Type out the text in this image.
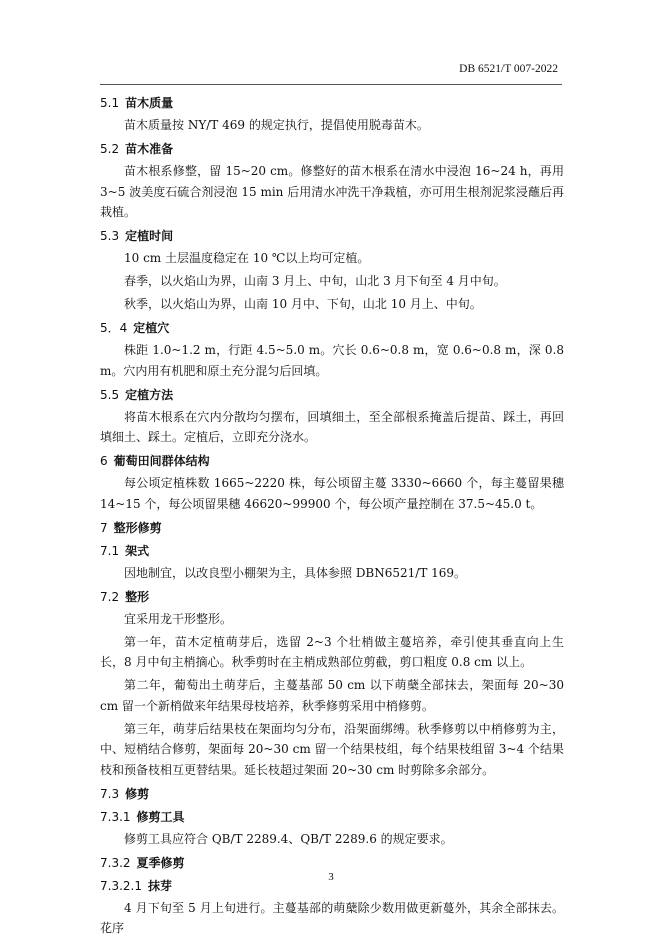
DB 6521/T 007-2022
5.1 苗木质量
苗木质量按 NY/T 469 的规定执行，提倡使用脱毒苗木。
5.2 苗木准备
苗木根系修整，留 15~20 cm。修整好的苗木根系在清水中浸泡 16~24 h，再用 3~5 波美度石硫合剂浸泡 15 min 后用清水冲洗干净栽植，亦可用生根剂泥浆浸蘸后再栽植。
5.3 定植时间
10 cm 土层温度稳定在 10 ℃以上均可定植。
春季，以火焰山为界，山南 3 月上、中旬，山北 3 月下旬至 4 月中旬。
秋季，以火焰山为界，山南 10 月中、下旬，山北 10 月上、中旬。
5．4 定植穴
株距 1.0~1.2 m，行距 4.5~5.0 m。穴长 0.6~0.8 m，宽 0.6~0.8 m，深 0.8 m。穴内用有机肥和原土充分混匀后回填。
5.5 定植方法
将苗木根系在穴内分散均匀摆布，回填细土，至全部根系掩盖后提苗、踩土，再回填细土、踩土。定植后，立即充分浇水。
6 葡萄田间群体结构
每公顷定植株数 1665~2220 株，每公顷留主蔓 3330~6660 个，每主蔓留果穗 14~15 个，每公顷留果穗 46620~99900 个，每公顷产量控制在 37.5~45.0 t。
7 整形修剪
7.1 架式
因地制宜，以改良型小棚架为主，具体参照 DBN6521/T 169。
7.2 整形
宜采用龙干形整形。
第一年，苗木定植萌芽后，选留 2~3 个壮梢做主蔓培养，牵引使其垂直向上生长，8 月中旬主梢摘心。秋季剪时在主梢成熟部位剪截，剪口粗度 0.8 cm 以上。
第二年，葡萄出土萌芽后，主蔓基部 50 cm 以下萌蘖全部抹去，架面每 20~30 cm 留一个新梢做来年结果母枝培养，秋季修剪采用中梢修剪。
第三年，萌芽后结果枝在架面均匀分布，沿架面绑缚。秋季修剪以中梢修剪为主，中、短梢结合修剪，架面每 20~30 cm 留一个结果枝组，每个结果枝组留 3~4 个结果枝和预备枝相互更替结果。延长枝超过架面 20~30 cm 时剪除多余部分。
7.3 修剪
7.3.1 修剪工具
修剪工具应符合 QB/T 2289.4、QB/T 2289.6 的规定要求。
7.3.2 夏季修剪
7.3.2.1 抹芽
4 月下旬至 5 月上旬进行。主蔓基部的萌蘖除少数用做更新蔓外，其余全部抹去。花序
3
